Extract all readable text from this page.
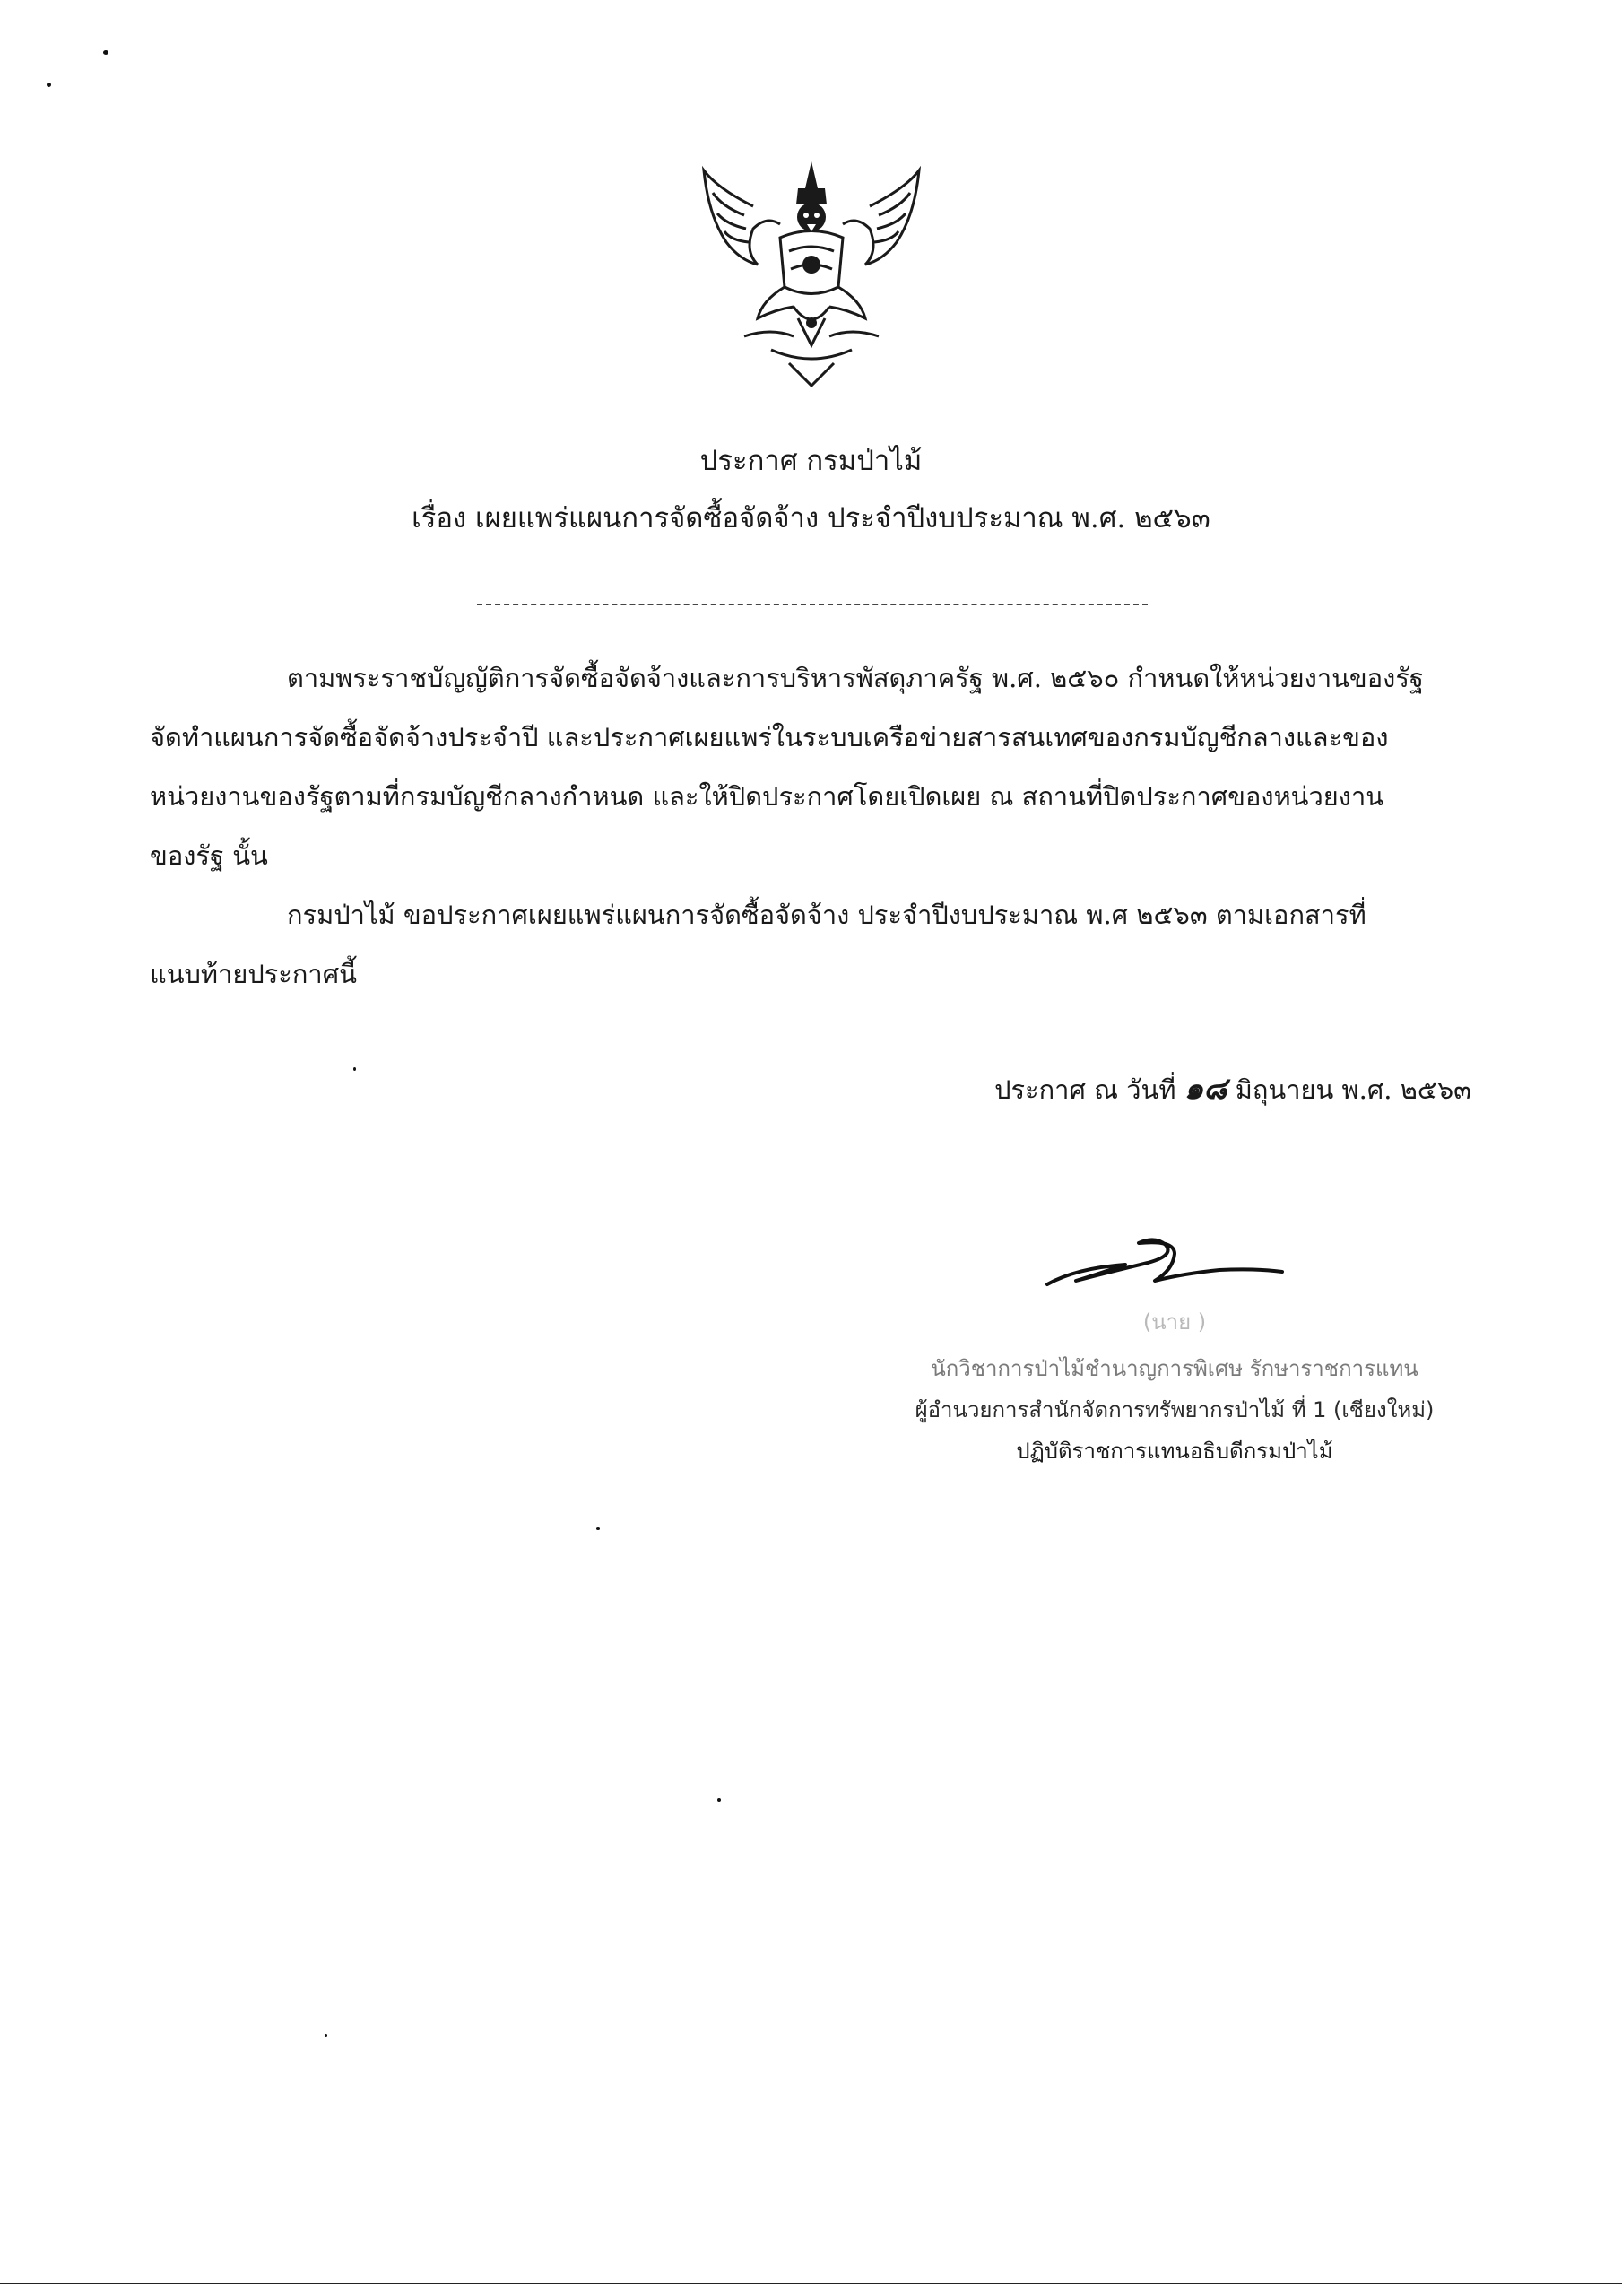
ประกาศ กรมป่าไม้
เรื่อง เผยแพร่แผนการจัดซื้อจัดจ้าง ประจำปีงบประมาณ พ.ศ. ๒๕๖๓
ตามพระราชบัญญัติการจัดซื้อจัดจ้างและการบริหารพัสดุภาครัฐ พ.ศ. ๒๕๖๐ กำหนดให้หน่วยงานของรัฐ
จัดทำแผนการจัดซื้อจัดจ้างประจำปี และประกาศเผยแพร่ในระบบเครือข่ายสารสนเทศของกรมบัญชีกลางและของ
หน่วยงานของรัฐตามที่กรมบัญชีกลางกำหนด และให้ปิดประกาศโดยเปิดเผย ณ สถานที่ปิดประกาศของหน่วยงาน
ของรัฐ นั้น
กรมป่าไม้ ขอประกาศเผยแพร่แผนการจัดซื้อจัดจ้าง ประจำปีงบประมาณ พ.ศ ๒๕๖๓ ตามเอกสารที่
แนบท้ายประกาศนี้
ประกาศ ณ วันที่ ๑๘ มิถุนายน พ.ศ. ๒๕๖๓
(นาย )
นักวิชาการป่าไม้ชำนาญการพิเศษ รักษาราชการแทน
ผู้อำนวยการสำนักจัดการทรัพยากรป่าไม้ ที่ 1 (เชียงใหม่)
ปฏิบัติราชการแทนอธิบดีกรมป่าไม้
